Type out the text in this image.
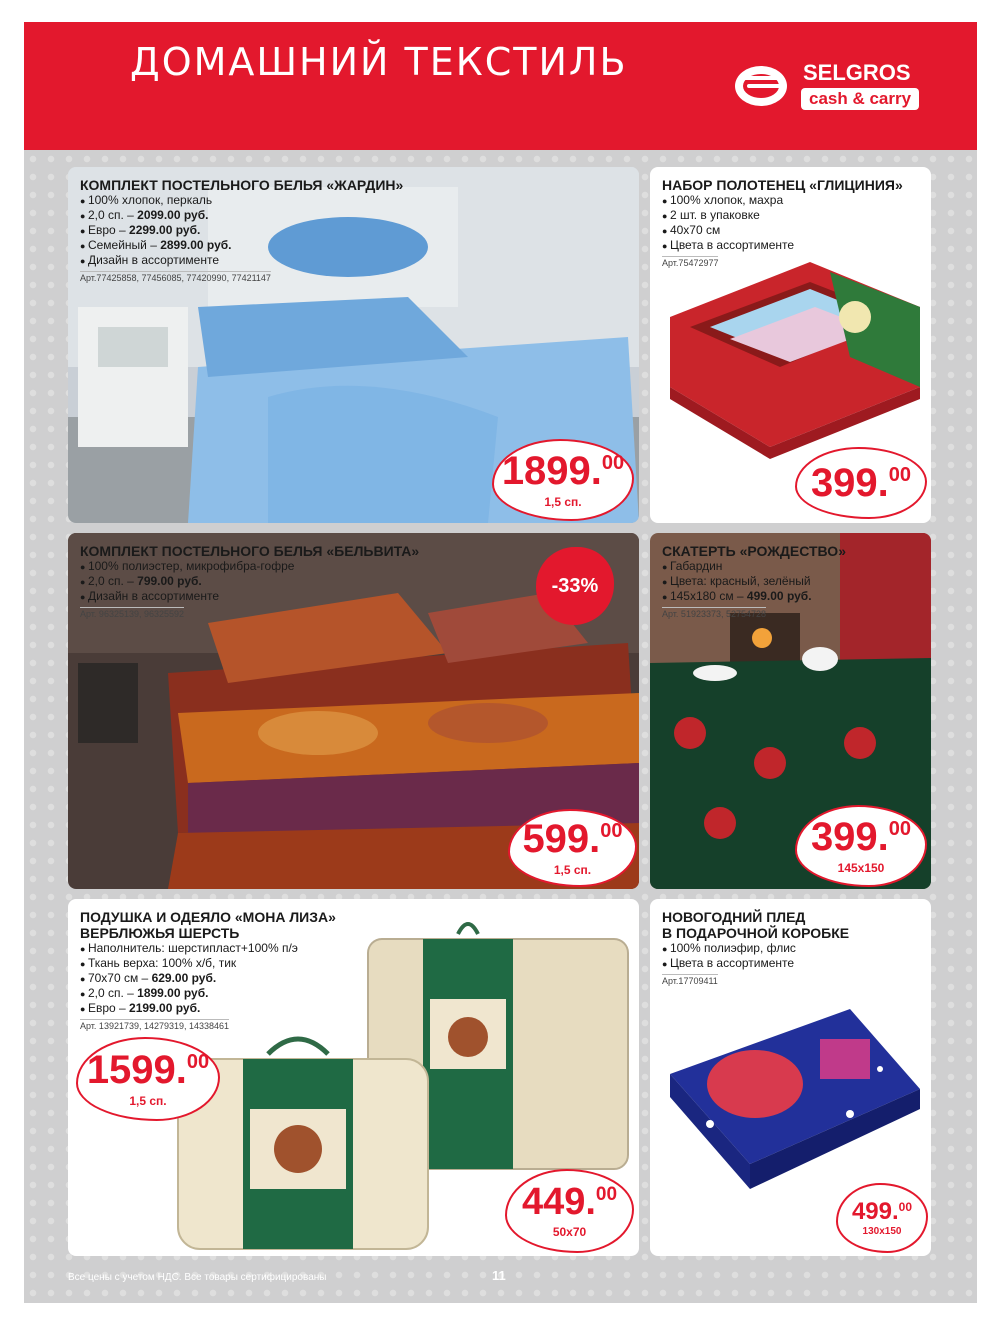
ДОМАШНИЙ ТЕКСТИЛЬ	SELGROS
cash & carry
КОМПЛЕКТ ПОСТЕЛЬНОГО БЕЛЬЯ «ЖАРДИН»
● 100% хлопок, перкаль
● 2,0 сп. – 2099.00 руб.
● Евро – 2299.00 руб.
● Семейный – 2899.00 руб.
● Дизайн в ассортименте
Арт.77425858, 77456085, 77420990, 77421147
1899.00
1,5 сп.
НАБОР ПОЛОТЕНЕЦ «ГЛИЦИНИЯ»
● 100% хлопок, махра
● 2 шт. в упаковке
● 40х70 см
● Цвета в ассортименте
Арт.75472977
399.00
КОМПЛЕКТ ПОСТЕЛЬНОГО БЕЛЬЯ «БЕЛЬВИТА»
● 100% полиэстер, микрофибра-гофре
● 2,0 сп. – 799.00 руб.
● Дизайн в ассортименте
Арт. 96325139, 96325592
-33%
599.00
1,5 сп.
СКАТЕРТЬ «РОЖДЕСТВО»
● Габардин
● Цвета: красный, зелёный
● 145х180 см – 499.00 руб.
Арт. 51923373, 52754728
399.00
145х150
ПОДУШКА И ОДЕЯЛО «МОНА ЛИЗА»
ВЕРБЛЮЖЬЯ ШЕРСТЬ
● Наполнитель: шерстипласт+100% п/э
● Ткань верха: 100% х/б, тик
● 70х70 см – 629.00 руб.
● 2,0 сп. – 1899.00 руб.
● Евро – 2199.00 руб.
Арт. 13921739, 14279319, 14338461
1599.00
1,5 сп.
449.00
50х70
НОВОГОДНИЙ ПЛЕД
В ПОДАРОЧНОЙ КОРОБКЕ
● 100% полиэфир, флис
● Цвета в ассортименте
Арт.17709411
499.00
130х150
Все цены с учетом НДС. Все товары сертифицированы	11
